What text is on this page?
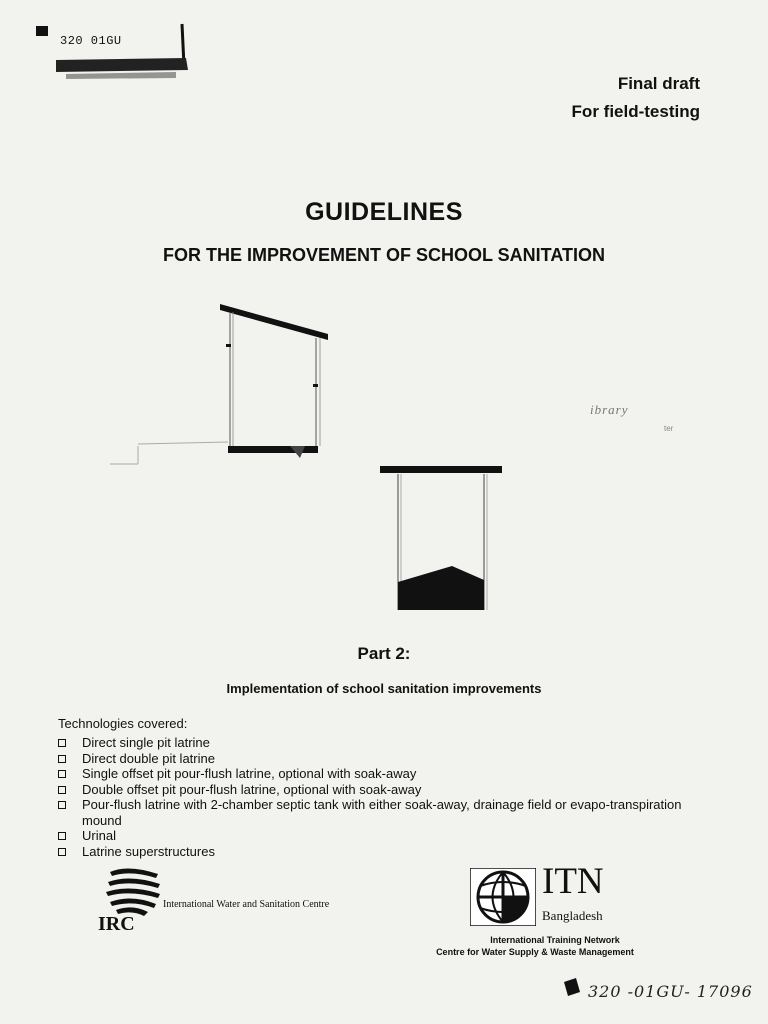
320 01GU
Final draft
For field-testing
GUIDELINES
FOR THE IMPROVEMENT OF SCHOOL SANITATION
ibrary
ter
Part 2:
Implementation of school sanitation improvements
Technologies covered:
Direct single pit latrine
Direct double pit latrine
Single offset pit pour-flush latrine, optional with soak-away
Double offset pit pour-flush latrine, optional with soak-away
Pour-flush latrine with 2-chamber septic tank with either soak-away, drainage field or evapo-transpiration mound
Urinal
Latrine superstructures
IRC
International Water and Sanitation Centre
ITN
Bangladesh
International Training Network
Centre for Water Supply & Waste Management
320 -01GU- 17096
